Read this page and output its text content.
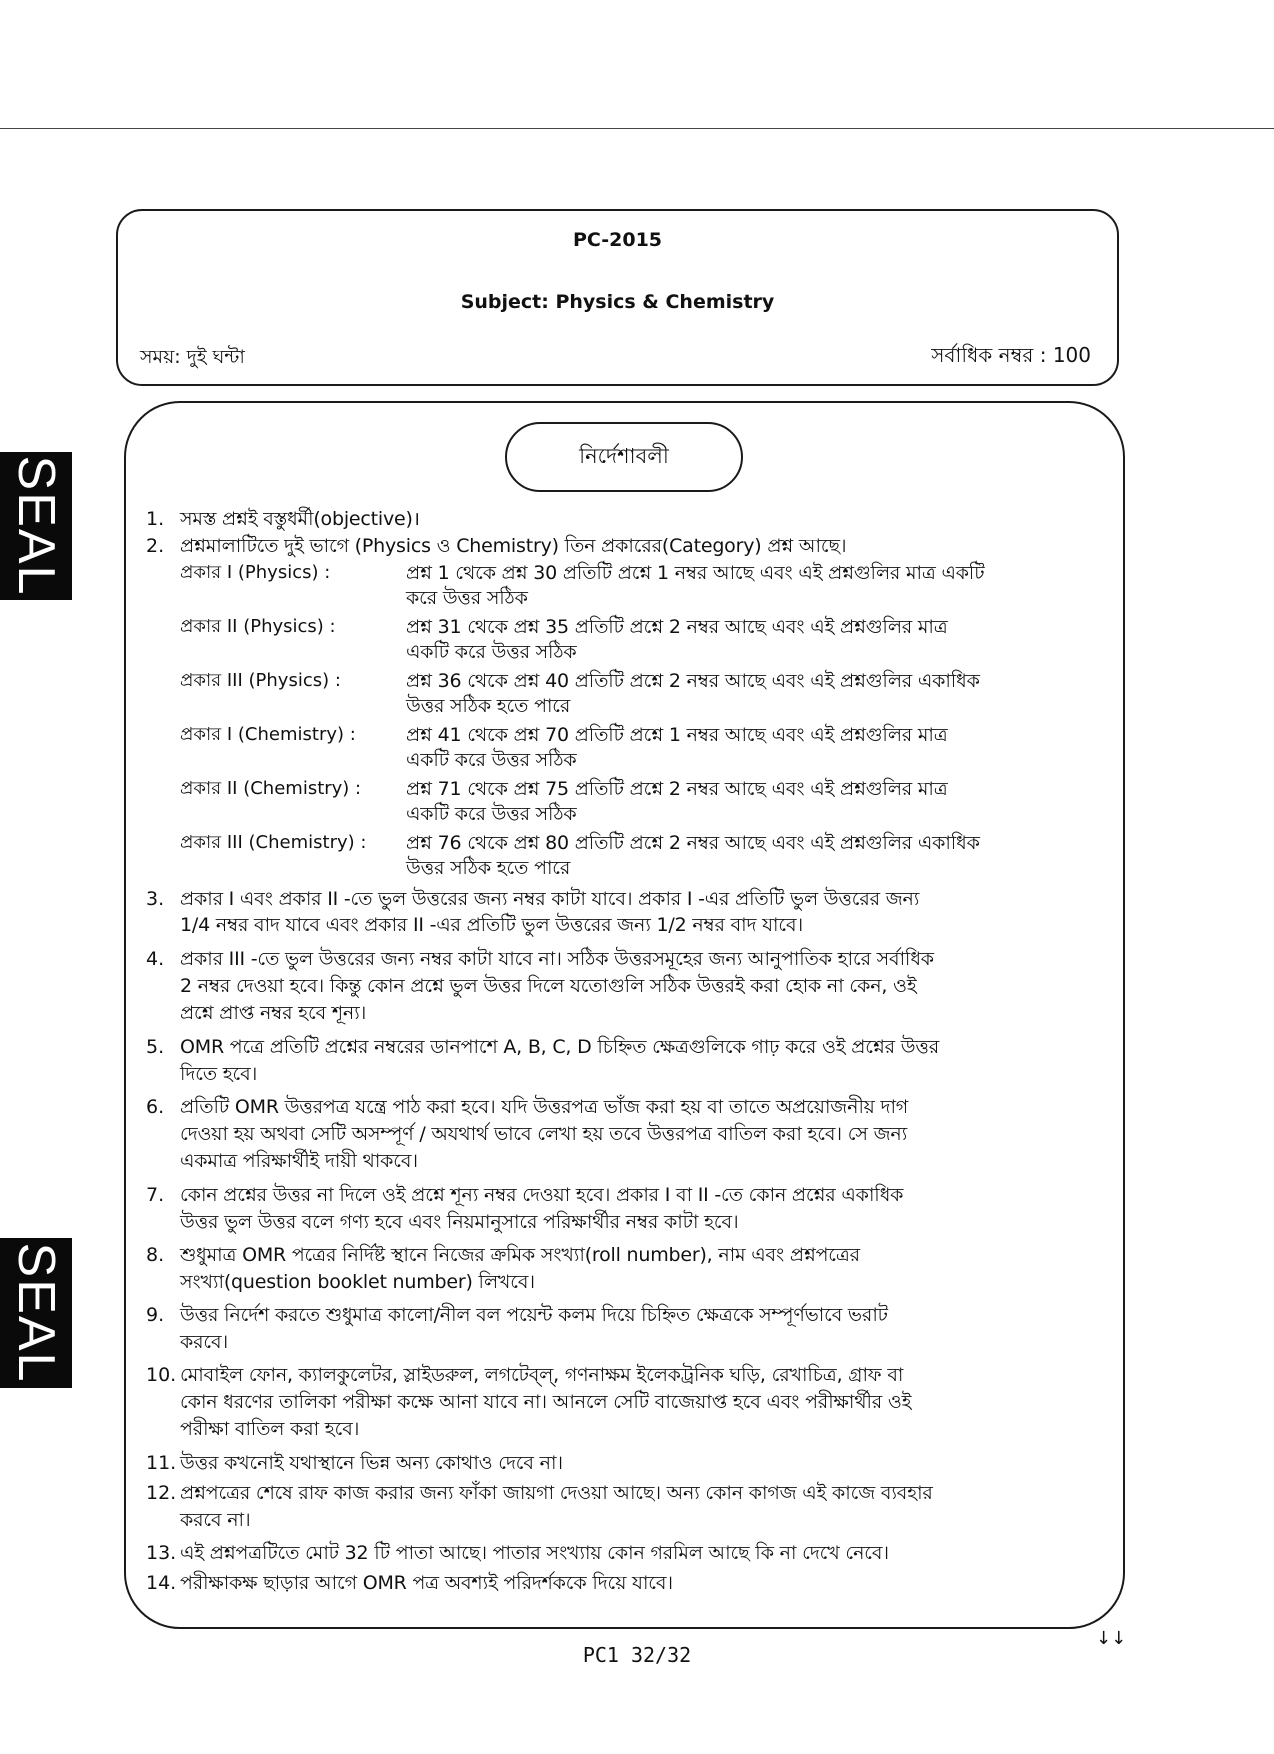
SEAL
SEAL
PC-2015
Subject: Physics & Chemistry
সময়: দুই ঘন্টা	সর্বাধিক নম্বর : 100
নির্দেশাবলী
1. সমস্ত প্রশ্নই বস্তুধর্মী(objective)।
2. প্রশ্নমালাটিতে দুই ভাগে (Physics ও Chemistry) তিন প্রকারের(Category) প্রশ্ন আছে।
প্রকার I (Physics) :	প্রশ্ন 1 থেকে প্রশ্ন 30 প্রতিটি প্রশ্নে 1 নম্বর আছে এবং এই প্রশ্নগুলির মাত্র একটি
করে উত্তর সঠিক
প্রকার II (Physics) :	প্রশ্ন 31 থেকে প্রশ্ন 35 প্রতিটি প্রশ্নে 2 নম্বর আছে এবং এই প্রশ্নগুলির মাত্র
একটি করে উত্তর সঠিক
প্রকার III (Physics) :	প্রশ্ন 36 থেকে প্রশ্ন 40 প্রতিটি প্রশ্নে 2 নম্বর আছে এবং এই প্রশ্নগুলির একাধিক
উত্তর সঠিক হতে পারে
প্রকার I (Chemistry) :	প্রশ্ন 41 থেকে প্রশ্ন 70 প্রতিটি প্রশ্নে 1 নম্বর আছে এবং এই প্রশ্নগুলির মাত্র
একটি করে উত্তর সঠিক
প্রকার II (Chemistry) : প্রশ্ন 71 থেকে প্রশ্ন 75 প্রতিটি প্রশ্নে 2 নম্বর আছে এবং এই প্রশ্নগুলির মাত্র
একটি করে উত্তর সঠিক
প্রকার III (Chemistry) : প্রশ্ন 76 থেকে প্রশ্ন 80 প্রতিটি প্রশ্নে 2 নম্বর আছে এবং এই প্রশ্নগুলির একাধিক
উত্তর সঠিক হতে পারে
3. প্রকার I এবং প্রকার II -তে ভুল উত্তরের জন্য নম্বর কাটা যাবে। প্রকার I -এর প্রতিটি ভুল উত্তরের জন্য
1/4 নম্বর বাদ যাবে এবং প্রকার II -এর প্রতিটি ভুল উত্তরের জন্য 1/2 নম্বর বাদ যাবে।
4. প্রকার III -তে ভুল উত্তরের জন্য নম্বর কাটা যাবে না। সঠিক উত্তরসমূহের জন্য আনুপাতিক হারে সর্বাধিক
2 নম্বর দেওয়া হবে। কিন্তু কোন প্রশ্নে ভুল উত্তর দিলে যতোগুলি সঠিক উত্তরই করা হোক না কেন, ওই
প্রশ্নে প্রাপ্ত নম্বর হবে শূন্য।
5. OMR পত্রে প্রতিটি প্রশ্নের নম্বরের ডানপাশে A, B, C, D চিহ্নিত ক্ষেত্রগুলিকে গাঢ় করে ওই প্রশ্নের উত্তর
দিতে হবে।
6. প্রতিটি OMR উত্তরপত্র যন্ত্রে পাঠ করা হবে। যদি উত্তরপত্র ভাঁজ করা হয় বা তাতে অপ্রয়োজনীয় দাগ
দেওয়া হয় অথবা সেটি অসম্পূর্ণ / অযথার্থ ভাবে লেখা হয় তবে উত্তরপত্র বাতিল করা হবে। সে জন্য
একমাত্র পরিক্ষার্থীই দায়ী থাকবে।
7. কোন প্রশ্নের উত্তর না দিলে ওই প্রশ্নে শূন্য নম্বর দেওয়া হবে। প্রকার I বা II -তে কোন প্রশ্নের একাধিক
উত্তর ভুল উত্তর বলে গণ্য হবে এবং নিয়মানুসারে পরিক্ষার্থীর নম্বর কাটা হবে।
8. শুধুমাত্র OMR পত্রের নির্দিষ্ট স্থানে নিজের ক্রমিক সংখ্যা(roll number), নাম এবং প্রশ্নপত্রের
সংখ্যা(question booklet number) লিখবে।
9. উত্তর নির্দেশ করতে শুধুমাত্র কালো/নীল বল পয়েন্ট কলম দিয়ে চিহ্নিত ক্ষেত্রকে সম্পূর্ণভাবে ভরাট
করবে।
10. মোবাইল ফোন, ক্যালকুলেটর, স্লাইডরুল, লগটেব্‌ল্‌, গণনাক্ষম ইলেকট্রনিক ঘড়ি, রেখাচিত্র, গ্রাফ বা
কোন ধরণের তালিকা পরীক্ষা কক্ষে আনা যাবে না। আনলে সেটি বাজেয়াপ্ত হবে এবং পরীক্ষার্থীর ওই
পরীক্ষা বাতিল করা হবে।
11. উত্তর কখনোই যথাস্থানে ভিন্ন অন্য কোথাও দেবে না।
12. প্রশ্নপত্রের শেষে রাফ কাজ করার জন্য ফাঁকা জায়গা দেওয়া আছে। অন্য কোন কাগজ এই কাজে ব্যবহার
করবে না।
13. এই প্রশ্নপত্রটিতে মোট 32 টি পাতা আছে। পাতার সংখ্যায় কোন গরমিল আছে কি না দেখে নেবে।
14. পরীক্ষাকক্ষ ছাড়ার আগে OMR পত্র অবশ্যই পরিদর্শককে দিয়ে যাবে।
PC1 32/32
↓↓
